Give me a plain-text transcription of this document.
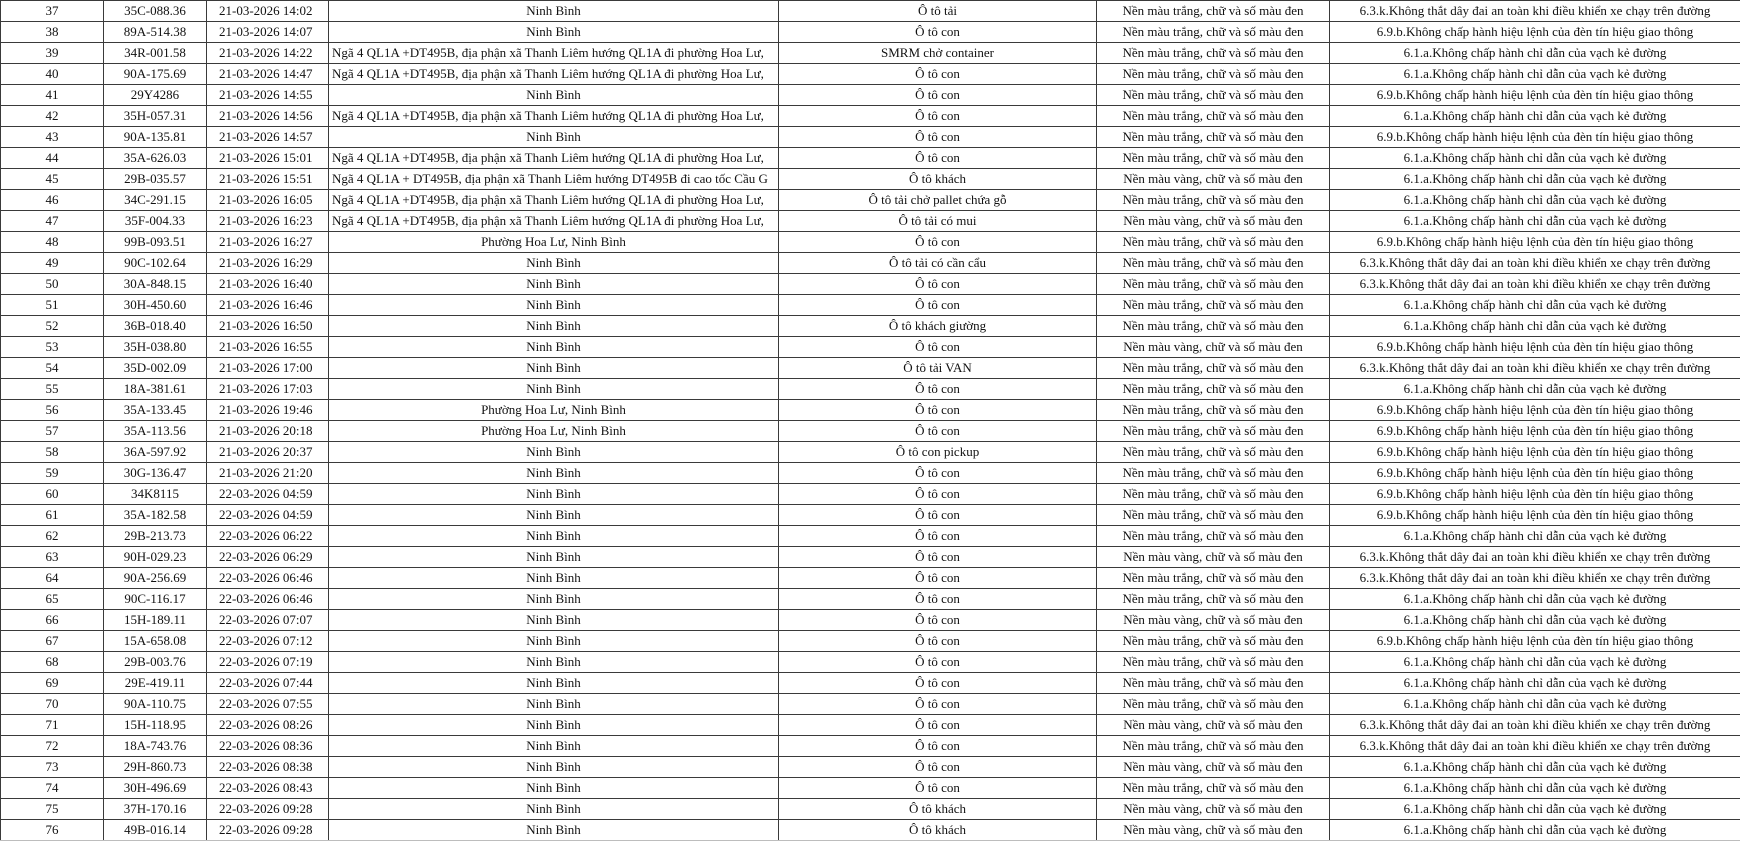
37	35C-088.36	21-03-2026 14:02	Ninh Bình	Ô tô tải	Nền màu trắng, chữ và số màu đen	6.3.k.Không thắt dây đai an toàn khi điều khiển xe chạy trên đường
38	89A-514.38	21-03-2026 14:07	Ninh Bình	Ô tô con	Nền màu trắng, chữ và số màu đen	6.9.b.Không chấp hành hiệu lệnh của đèn tín hiệu giao thông
39	34R-001.58	21-03-2026 14:22	Ngã 4 QL1A +DT495B, địa phận xã Thanh Liêm hướng QL1A đi phường Hoa Lư,	SMRM chở container	Nền màu trắng, chữ và số màu đen	6.1.a.Không chấp hành chỉ dẫn của vạch kẻ đường
40	90A-175.69	21-03-2026 14:47	Ngã 4 QL1A +DT495B, địa phận xã Thanh Liêm hướng QL1A đi phường Hoa Lư,	Ô tô con	Nền màu trắng, chữ và số màu đen	6.1.a.Không chấp hành chỉ dẫn của vạch kẻ đường
41	29Y4286	21-03-2026 14:55	Ninh Bình	Ô tô con	Nền màu trắng, chữ và số màu đen	6.9.b.Không chấp hành hiệu lệnh của đèn tín hiệu giao thông
42	35H-057.31	21-03-2026 14:56	Ngã 4 QL1A +DT495B, địa phận xã Thanh Liêm hướng QL1A đi phường Hoa Lư,	Ô tô con	Nền màu trắng, chữ và số màu đen	6.1.a.Không chấp hành chỉ dẫn của vạch kẻ đường
43	90A-135.81	21-03-2026 14:57	Ninh Bình	Ô tô con	Nền màu trắng, chữ và số màu đen	6.9.b.Không chấp hành hiệu lệnh của đèn tín hiệu giao thông
44	35A-626.03	21-03-2026 15:01	Ngã 4 QL1A +DT495B, địa phận xã Thanh Liêm hướng QL1A đi phường Hoa Lư,	Ô tô con	Nền màu trắng, chữ và số màu đen	6.1.a.Không chấp hành chỉ dẫn của vạch kẻ đường
45	29B-035.57	21-03-2026 15:51	Ngã 4 QL1A + DT495B, địa phận xã Thanh Liêm hướng DT495B đi cao tốc Cầu G	Ô tô khách	Nền màu vàng, chữ và số màu đen	6.1.a.Không chấp hành chỉ dẫn của vạch kẻ đường
46	34C-291.15	21-03-2026 16:05	Ngã 4 QL1A +DT495B, địa phận xã Thanh Liêm hướng QL1A đi phường Hoa Lư,	Ô tô tải chở pallet chứa gỗ	Nền màu trắng, chữ và số màu đen	6.1.a.Không chấp hành chỉ dẫn của vạch kẻ đường
47	35F-004.33	21-03-2026 16:23	Ngã 4 QL1A +DT495B, địa phận xã Thanh Liêm hướng QL1A đi phường Hoa Lư,	Ô tô tải có mui	Nền màu vàng, chữ và số màu đen	6.1.a.Không chấp hành chỉ dẫn của vạch kẻ đường
48	99B-093.51	21-03-2026 16:27	Phường Hoa Lư, Ninh Bình	Ô tô con	Nền màu trắng, chữ và số màu đen	6.9.b.Không chấp hành hiệu lệnh của đèn tín hiệu giao thông
49	90C-102.64	21-03-2026 16:29	Ninh Bình	Ô tô tải có cần cẩu	Nền màu trắng, chữ và số màu đen	6.3.k.Không thắt dây đai an toàn khi điều khiển xe chạy trên đường
50	30A-848.15	21-03-2026 16:40	Ninh Bình	Ô tô con	Nền màu trắng, chữ và số màu đen	6.3.k.Không thắt dây đai an toàn khi điều khiển xe chạy trên đường
51	30H-450.60	21-03-2026 16:46	Ninh Bình	Ô tô con	Nền màu trắng, chữ và số màu đen	6.1.a.Không chấp hành chỉ dẫn của vạch kẻ đường
52	36B-018.40	21-03-2026 16:50	Ninh Bình	Ô tô khách giường	Nền màu trắng, chữ và số màu đen	6.1.a.Không chấp hành chỉ dẫn của vạch kẻ đường
53	35H-038.80	21-03-2026 16:55	Ninh Bình	Ô tô con	Nền màu vàng, chữ và số màu đen	6.9.b.Không chấp hành hiệu lệnh của đèn tín hiệu giao thông
54	35D-002.09	21-03-2026 17:00	Ninh Bình	Ô tô tải VAN	Nền màu trắng, chữ và số màu đen	6.3.k.Không thắt dây đai an toàn khi điều khiển xe chạy trên đường
55	18A-381.61	21-03-2026 17:03	Ninh Bình	Ô tô con	Nền màu trắng, chữ và số màu đen	6.1.a.Không chấp hành chỉ dẫn của vạch kẻ đường
56	35A-133.45	21-03-2026 19:46	Phường Hoa Lư, Ninh Bình	Ô tô con	Nền màu trắng, chữ và số màu đen	6.9.b.Không chấp hành hiệu lệnh của đèn tín hiệu giao thông
57	35A-113.56	21-03-2026 20:18	Phường Hoa Lư, Ninh Bình	Ô tô con	Nền màu trắng, chữ và số màu đen	6.9.b.Không chấp hành hiệu lệnh của đèn tín hiệu giao thông
58	36A-597.92	21-03-2026 20:37	Ninh Bình	Ô tô con pickup	Nền màu trắng, chữ và số màu đen	6.9.b.Không chấp hành hiệu lệnh của đèn tín hiệu giao thông
59	30G-136.47	21-03-2026 21:20	Ninh Bình	Ô tô con	Nền màu trắng, chữ và số màu đen	6.9.b.Không chấp hành hiệu lệnh của đèn tín hiệu giao thông
60	34K8115	22-03-2026 04:59	Ninh Bình	Ô tô con	Nền màu trắng, chữ và số màu đen	6.9.b.Không chấp hành hiệu lệnh của đèn tín hiệu giao thông
61	35A-182.58	22-03-2026 04:59	Ninh Bình	Ô tô con	Nền màu trắng, chữ và số màu đen	6.9.b.Không chấp hành hiệu lệnh của đèn tín hiệu giao thông
62	29B-213.73	22-03-2026 06:22	Ninh Bình	Ô tô con	Nền màu trắng, chữ và số màu đen	6.1.a.Không chấp hành chỉ dẫn của vạch kẻ đường
63	90H-029.23	22-03-2026 06:29	Ninh Bình	Ô tô con	Nền màu vàng, chữ và số màu đen	6.3.k.Không thắt dây đai an toàn khi điều khiển xe chạy trên đường
64	90A-256.69	22-03-2026 06:46	Ninh Bình	Ô tô con	Nền màu trắng, chữ và số màu đen	6.3.k.Không thắt dây đai an toàn khi điều khiển xe chạy trên đường
65	90C-116.17	22-03-2026 06:46	Ninh Bình	Ô tô con	Nền màu trắng, chữ và số màu đen	6.1.a.Không chấp hành chỉ dẫn của vạch kẻ đường
66	15H-189.11	22-03-2026 07:07	Ninh Bình	Ô tô con	Nền màu vàng, chữ và số màu đen	6.1.a.Không chấp hành chỉ dẫn của vạch kẻ đường
67	15A-658.08	22-03-2026 07:12	Ninh Bình	Ô tô con	Nền màu trắng, chữ và số màu đen	6.9.b.Không chấp hành hiệu lệnh của đèn tín hiệu giao thông
68	29B-003.76	22-03-2026 07:19	Ninh Bình	Ô tô con	Nền màu trắng, chữ và số màu đen	6.1.a.Không chấp hành chỉ dẫn của vạch kẻ đường
69	29E-419.11	22-03-2026 07:44	Ninh Bình	Ô tô con	Nền màu trắng, chữ và số màu đen	6.1.a.Không chấp hành chỉ dẫn của vạch kẻ đường
70	90A-110.75	22-03-2026 07:55	Ninh Bình	Ô tô con	Nền màu trắng, chữ và số màu đen	6.1.a.Không chấp hành chỉ dẫn của vạch kẻ đường
71	15H-118.95	22-03-2026 08:26	Ninh Bình	Ô tô con	Nền màu vàng, chữ và số màu đen	6.3.k.Không thắt dây đai an toàn khi điều khiển xe chạy trên đường
72	18A-743.76	22-03-2026 08:36	Ninh Bình	Ô tô con	Nền màu trắng, chữ và số màu đen	6.3.k.Không thắt dây đai an toàn khi điều khiển xe chạy trên đường
73	29H-860.73	22-03-2026 08:38	Ninh Bình	Ô tô con	Nền màu vàng, chữ và số màu đen	6.1.a.Không chấp hành chỉ dẫn của vạch kẻ đường
74	30H-496.69	22-03-2026 08:43	Ninh Bình	Ô tô con	Nền màu trắng, chữ và số màu đen	6.1.a.Không chấp hành chỉ dẫn của vạch kẻ đường
75	37H-170.16	22-03-2026 09:28	Ninh Bình	Ô tô khách	Nền màu vàng, chữ và số màu đen	6.1.a.Không chấp hành chỉ dẫn của vạch kẻ đường
76	49B-016.14	22-03-2026 09:28	Ninh Bình	Ô tô khách	Nền màu vàng, chữ và số màu đen	6.1.a.Không chấp hành chỉ dẫn của vạch kẻ đường
